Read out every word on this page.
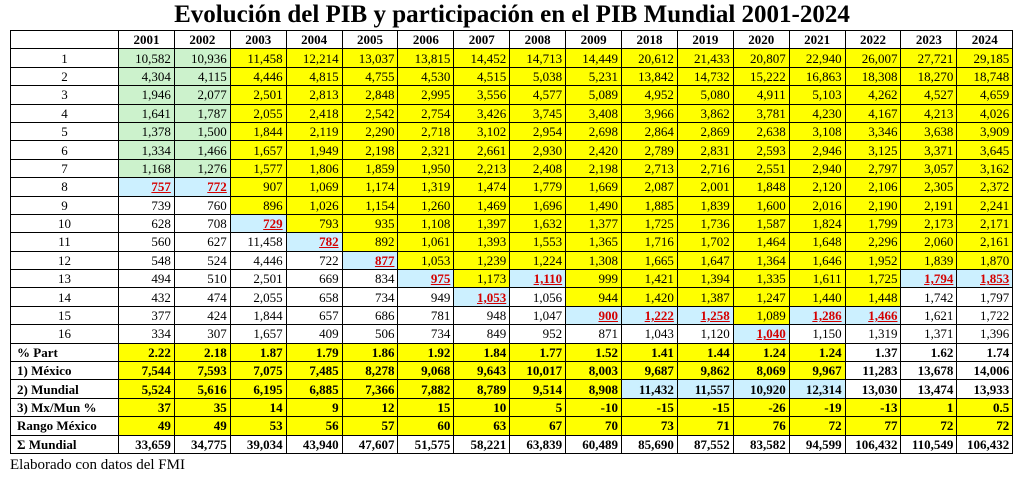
Evolución del PIB y participación en el PIB Mundial 2001-2024
	2001	2002	2003	2004	2005	2006	2007	2008	2009	2018	2019	2020	2021	2022	2023	2024
1	10,582	10,936	11,458	12,214	13,037	13,815	14,452	14,713	14,449	20,612	21,433	20,807	22,940	26,007	27,721	29,185
2	4,304	4,115	4,446	4,815	4,755	4,530	4,515	5,038	5,231	13,842	14,732	15,222	16,863	18,308	18,270	18,748
3	1,946	2,077	2,501	2,813	2,848	2,995	3,556	4,577	5,089	4,952	5,080	4,911	5,103	4,262	4,527	4,659
4	1,641	1,787	2,055	2,418	2,542	2,754	3,426	3,745	3,408	3,966	3,862	3,781	4,230	4,167	4,213	4,026
5	1,378	1,500	1,844	2,119	2,290	2,718	3,102	2,954	2,698	2,864	2,869	2,638	3,108	3,346	3,638	3,909
6	1,334	1,466	1,657	1,949	2,198	2,321	2,661	2,930	2,420	2,789	2,831	2,593	2,946	3,125	3,371	3,645
7	1,168	1,276	1,577	1,806	1,859	1,950	2,213	2,408	2,198	2,713	2,716	2,551	2,940	2,797	3,057	3,162
8	757	772	907	1,069	1,174	1,319	1,474	1,779	1,669	2,087	2,001	1,848	2,120	2,106	2,305	2,372
9	739	760	896	1,026	1,154	1,260	1,469	1,696	1,490	1,885	1,839	1,600	2,016	2,190	2,191	2,241
10	628	708	729	793	935	1,108	1,397	1,632	1,377	1,725	1,736	1,587	1,824	1,799	2,173	2,171
11	560	627	11,458	782	892	1,061	1,393	1,553	1,365	1,716	1,702	1,464	1,648	2,296	2,060	2,161
12	548	524	4,446	722	877	1,053	1,239	1,224	1,308	1,665	1,647	1,364	1,646	1,952	1,839	1,870
13	494	510	2,501	669	834	975	1,173	1,110	999	1,421	1,394	1,335	1,611	1,725	1,794	1,853
14	432	474	2,055	658	734	949	1,053	1,056	944	1,420	1,387	1,247	1,440	1,448	1,742	1,797
15	377	424	1,844	657	686	781	948	1,047	900	1,222	1,258	1,089	1,286	1,466	1,621	1,722
16	334	307	1,657	409	506	734	849	952	871	1,043	1,120	1,040	1,150	1,319	1,371	1,396
% Part	2.22	2.18	1.87	1.79	1.86	1.92	1.84	1.77	1.52	1.41	1.44	1.24	1.24	1.37	1.62	1.74
1) México	7,544	7,593	7,075	7,485	8,278	9,068	9,643	10,017	8,003	9,687	9,862	8,069	9,967	11,283	13,678	14,006
2) Mundial	5,524	5,616	6,195	6,885	7,366	7,882	8,789	9,514	8,908	11,432	11,557	10,920	12,314	13,030	13,474	13,933
3) Mx/Mun %	37	35	14	9	12	15	10	5	-10	-15	-15	-26	-19	-13	1	0.5
Rango México	49	49	53	56	57	60	63	67	70	73	71	76	72	77	72	72
Σ Mundial	33,659	34,775	39,034	43,940	47,607	51,575	58,221	63,839	60,489	85,690	87,552	83,582	94,599	106,432	110,549	106,432
Elaborado con datos del FMI
